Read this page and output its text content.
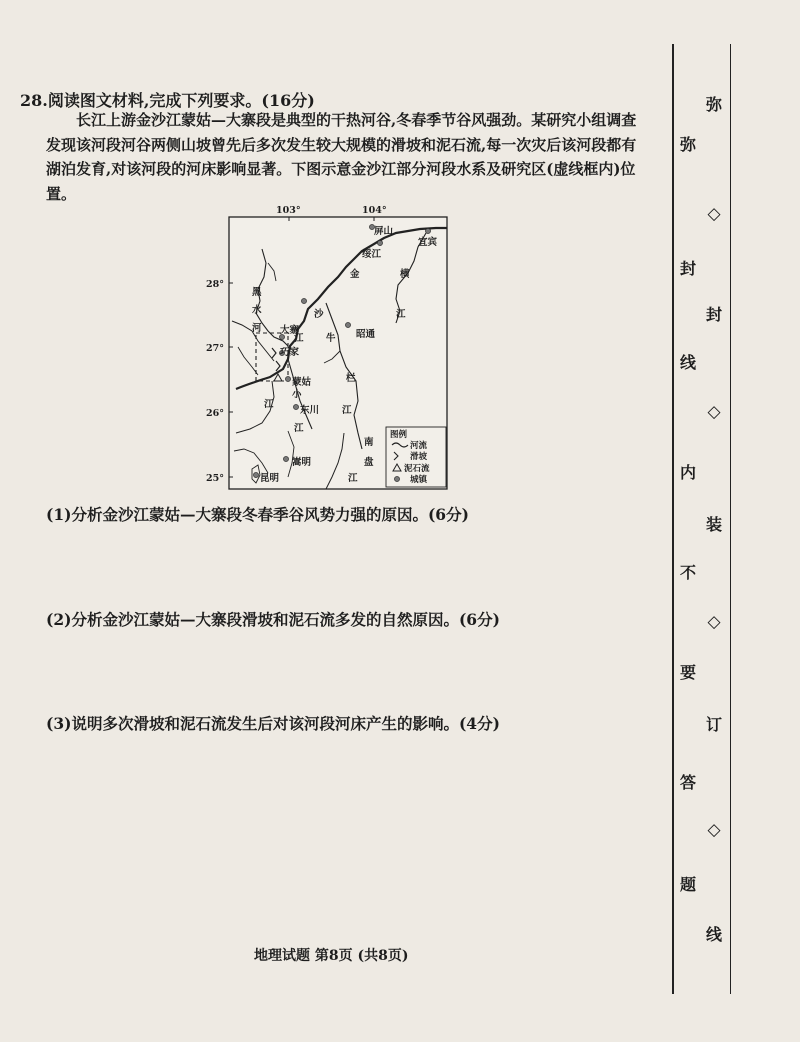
28.阅读图文材料,完成下列要求。(16分)
长江上游金沙江蒙姑—大寨段是典型的干热河谷,冬春季节谷风强劲。某研究小组调查发现该河段河谷两侧山坡曾先后多次发生较大规模的滑坡和泥石流,每一次灾后该河段都有湖泊发育,对该河段的河床影响显著。下图示意金沙江部分河段水系及研究区(虚线框内)位置。
103°	104°
28°
27°
26°
25°
屏山
宜宾
绥江
昭通
大寨
巧家
蒙姑
东川
嵩明
昆明
金
沙
江
江
横
江
牛
栏
江
小
江
黑
水
河
南
盘
江
图例
河流
滑坡
泥石流
城镇
(1)分析金沙江蒙姑—大寨段冬春季谷风势力强的原因。(6分)
(2)分析金沙江蒙姑—大寨段滑坡和泥石流多发的自然原因。(6分)
(3)说明多次滑坡和泥石流发生后对该河段河床产生的影响。(4分)
地理试题 第8页 (共8页)
弥
◇
封
◇
装
◇
订
◇
线
弥
封
线
内
不
要
答
题
